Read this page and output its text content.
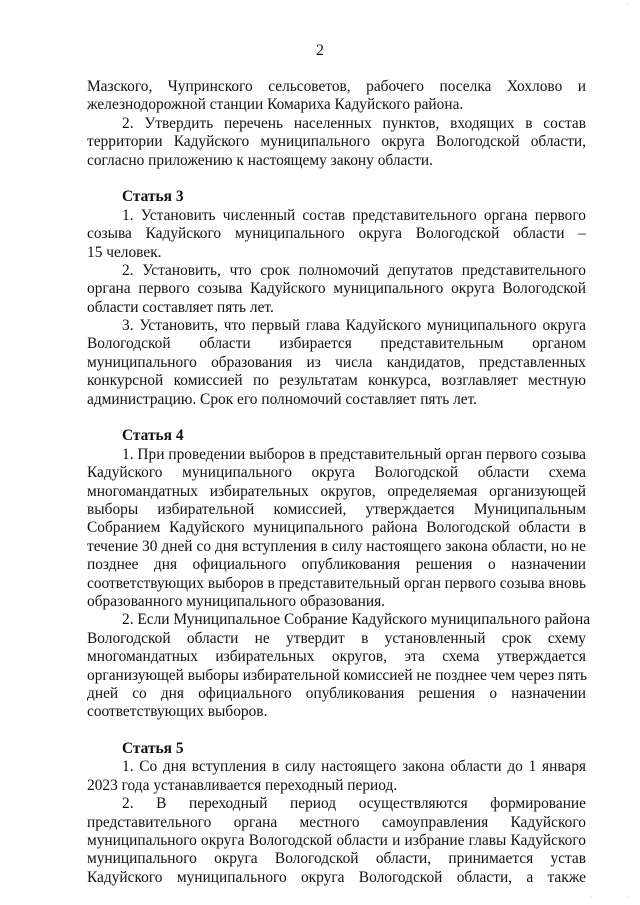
2
Мазского, Чупринского сельсоветов, рабочего поселка Хохлово и
железнодорожной станции Комариха Кадуйского района.
2. Утвердить перечень населенных пунктов, входящих в состав
территории Кадуйского муниципального округа Вологодской области,
согласно приложению к настоящему закону области.
Статья 3
1. Установить численный состав представительного органа первого
созыва Кадуйского муниципального округа Вологодской области –
15 человек.
2. Установить, что срок полномочий депутатов представительного
органа первого созыва Кадуйского муниципального округа Вологодской
области составляет пять лет.
3. Установить, что первый глава Кадуйского муниципального округа
Вологодской области избирается представительным органом
муниципального образования из числа кандидатов, представленных
конкурсной комиссией по результатам конкурса, возглавляет местную
администрацию. Срок его полномочий составляет пять лет.
Статья 4
1. При проведении выборов в представительный орган первого созыва
Кадуйского муниципального округа Вологодской области схема
многомандатных избирательных округов, определяемая организующей
выборы избирательной комиссией, утверждается Муниципальным
Собранием Кадуйского муниципального района Вологодской области в
течение 30 дней со дня вступления в силу настоящего закона области, но не
позднее дня официального опубликования решения о назначении
соответствующих выборов в представительный орган первого созыва вновь
образованного муниципального образования.
2. Если Муниципальное Собрание Кадуйского муниципального района
Вологодской области не утвердит в установленный срок схему
многомандатных избирательных округов, эта схема утверждается
организующей выборы избирательной комиссией не позднее чем через пять
дней со дня официального опубликования решения о назначении
соответствующих выборов.
Статья 5
1. Со дня вступления в силу настоящего закона области до 1 января
2023 года устанавливается переходный период.
2. В переходный период осуществляются формирование
представительного органа местного самоуправления Кадуйского
муниципального округа Вологодской области и избрание главы Кадуйского
муниципального округа Вологодской области, принимается устав
Кадуйского муниципального округа Вологодской области, а также
·
·	·
